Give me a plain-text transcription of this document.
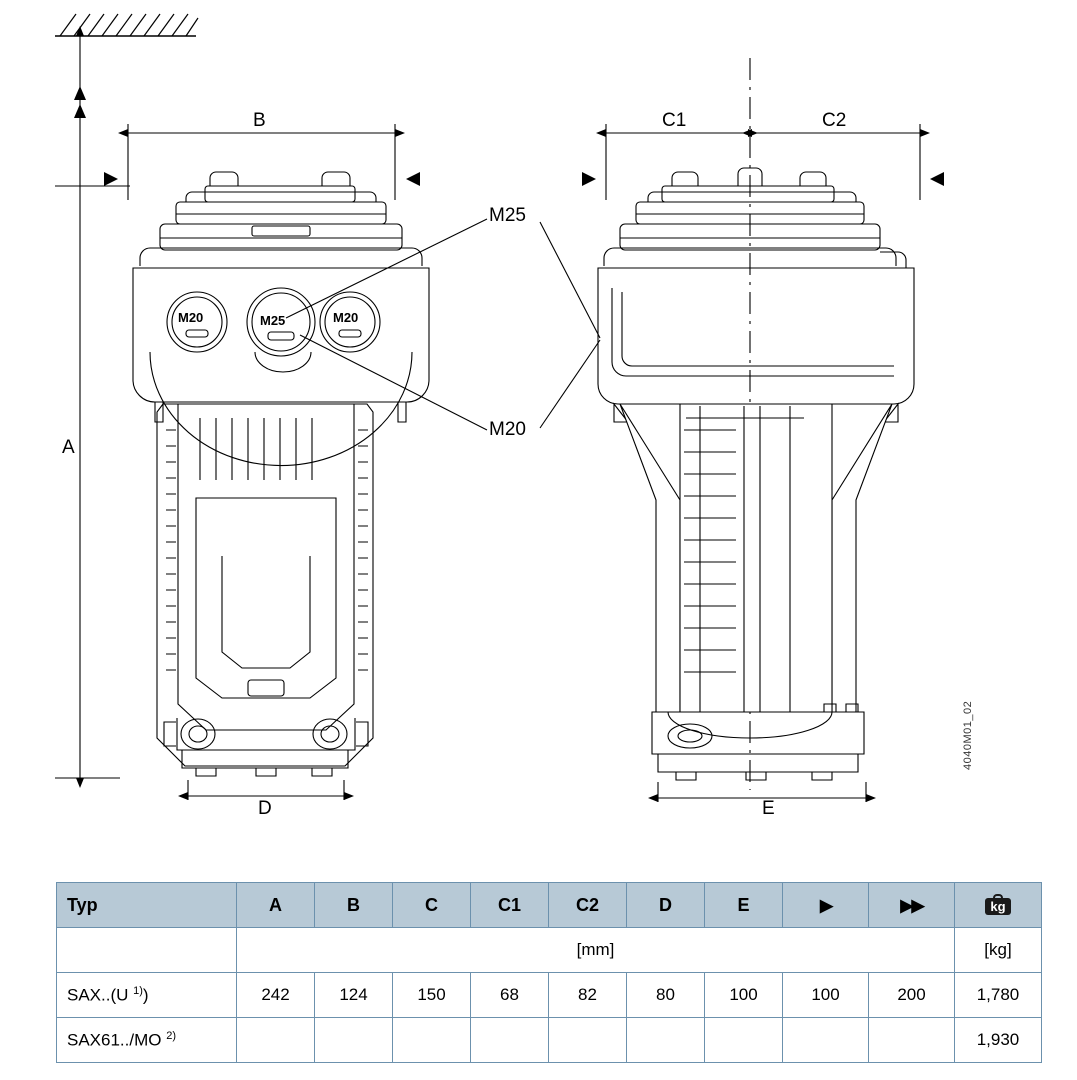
B
A
D
C1	C2
E
M25
M20
M20	M25	M20
4040M01_02
Typ	A	B	C	C1	C2	D	E	▶	▶▶	kg
	[mm]									[kg]
SAX..(U $^{1)}$)	242	124	150	68	82	80	100	100	200	1,780
SAX61../MO $^{2)}$										1,930
